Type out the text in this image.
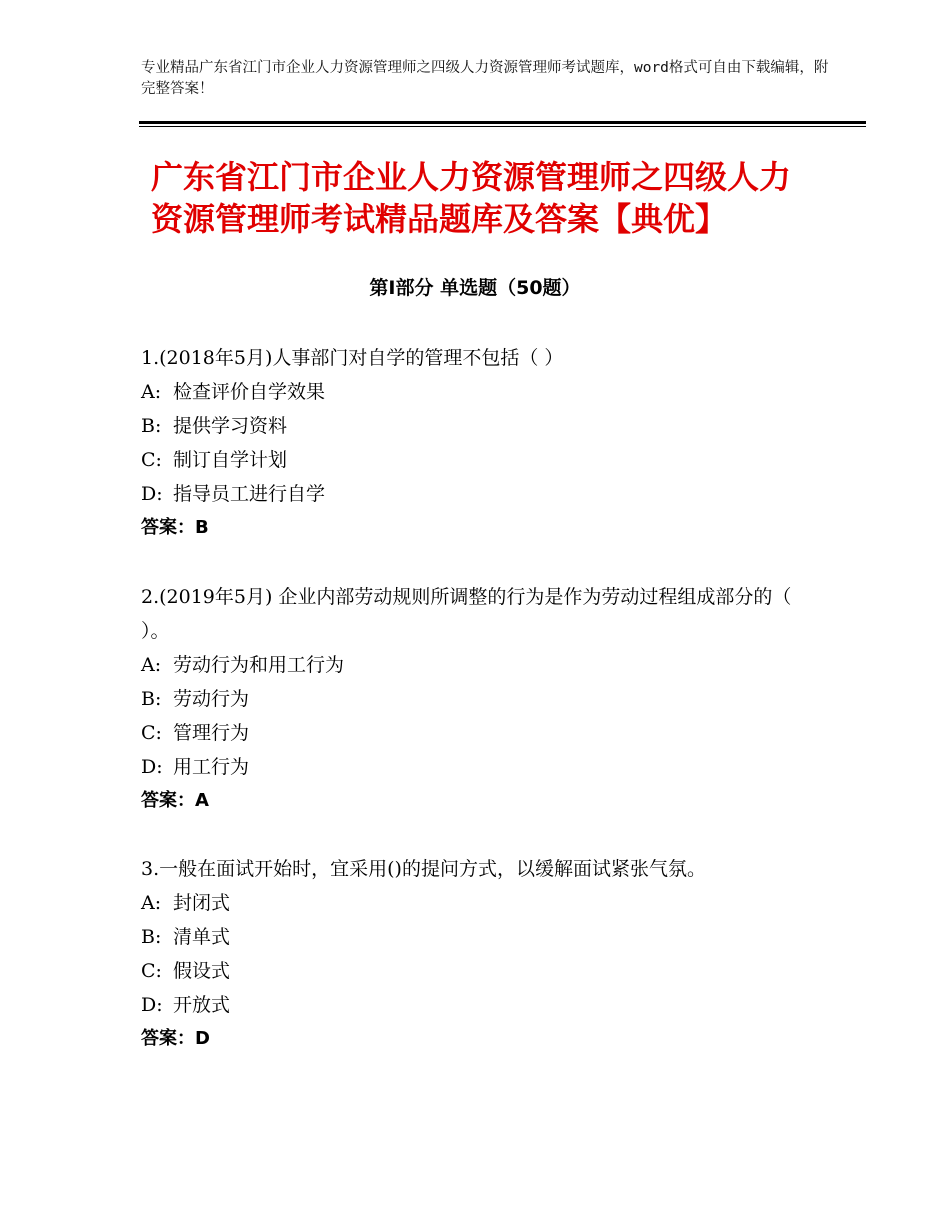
专业精品广东省江门市企业人力资源管理师之四级人力资源管理师考试题库，word格式可自由下载编辑，附完整答案！
广东省江门市企业人力资源管理师之四级人力资源管理师考试精品题库及答案【典优】
第Ⅰ部分 单选题（50题）

1.(2018年5月)人事部门对自学的管理不包括（ ）

A: 检查评价自学效果

B: 提供学习资料

C: 制订自学计划

D: 指导员工进行自学

答案：B

2.(2019年5月) 企业内部劳动规则所调整的行为是作为劳动过程组成部分的（　 ）。

A: 劳动行为和用工行为

B: 劳动行为

C: 管理行为

D: 用工行为

答案：A

3.一般在面试开始时，宜采用()的提问方式，以缓解面试紧张气氛。

A: 封闭式

B: 清单式

C: 假设式

D: 开放式

答案：D
